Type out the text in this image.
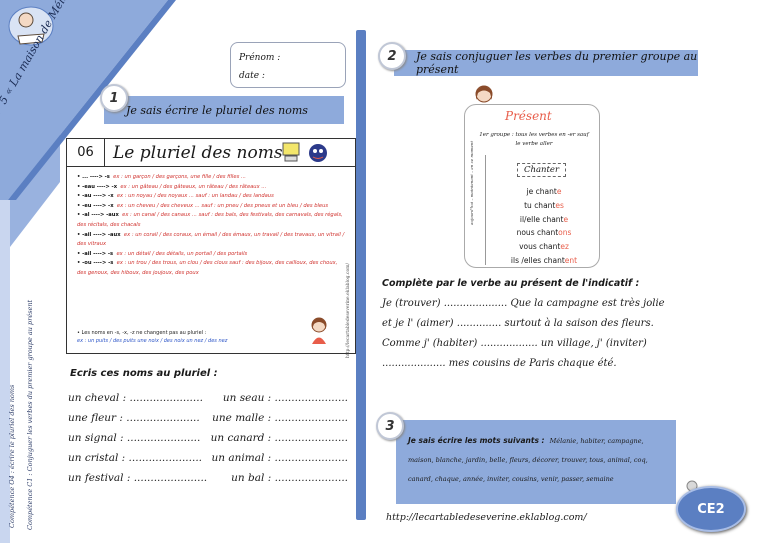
Compétence O4 : écrire le pluriel des noms Compétence C1 : Conjuguer les verbes du premier groupe au présent
Prénom :
date :
Je sais écrire le pluriel des noms
1
06	Le pluriel des noms
• ... ----> -s ex : un garçon / des garçons, une fille / des filles ...
• -eau ----> -x ex : un gâteau / des gâteaux, un râteau / des râteaux ...
• -au ----> -x ex : un noyau / des noyaux ... sauf : un landau / des landaus
• -eu ----> -x ex : un cheveu / des cheveux ... sauf : un pneu / des pneus et un bleu / des bleus
• -al ----> -aux ex : un canal / des canaux ... sauf : des bals, des festivals, des carnavals, des régals, des récitals, des chacals
• -ail ----> -aux ex : un corail / des coraux, un émail / des émaux, un travail / des travaux, un vitrail / des vitraux
• -ail ----> -s ex : un détail / des détails, un portail / des portails
• -ou ----> -s ex : un trou / des trous, un clou / des clous sauf : des bijoux, des cailloux, des choux, des genoux, des hiboux, des joujoux, des poux
• Les noms en -s, -x, -z ne changent pas au pluriel :
ex : un puits / des puits une noix / des noix un nez / des nez	http://lecartabledeseverine.eklablog.com/
Ecris ces noms au pluriel :
un cheval : ...................... un seau : ......................
une fleur : ...................... une malle : ......................
un signal : ...................... un canard : ......................
un cristal : ...................... un animal : ......................
un festival : ...................... un bal : ......................
Je sais conjuguer les verbes du premier groupe au présent
2
Présent
1er groupe : tous les verbes en -er sauf le verbe aller
aujourd'hui – maintenant – en ce moment	Chanter
je chante
tu chantes
il/elle chante
nous chantons
vous chantez
ils /elles chantent
Complète par le verbe au présent de l'indicatif :
Je (trouver) .................... Que la campagne est très jolie et je l' (aimer) .............. surtout à la saison des fleurs. Comme j' (habiter) .................. un village, j' (inviter) .................... mes cousins de Paris chaque été.
Je sais écrire les mots suivants : Mélanie, habiter, campagne, maison, blanche, jardin, belle, fleurs, décorer, trouver, tous, animal, coq, canard, chaque, année, inviter, cousins, venir, passer, semaine
3
http://lecartabledeseverine.eklablog.com/
CE2
